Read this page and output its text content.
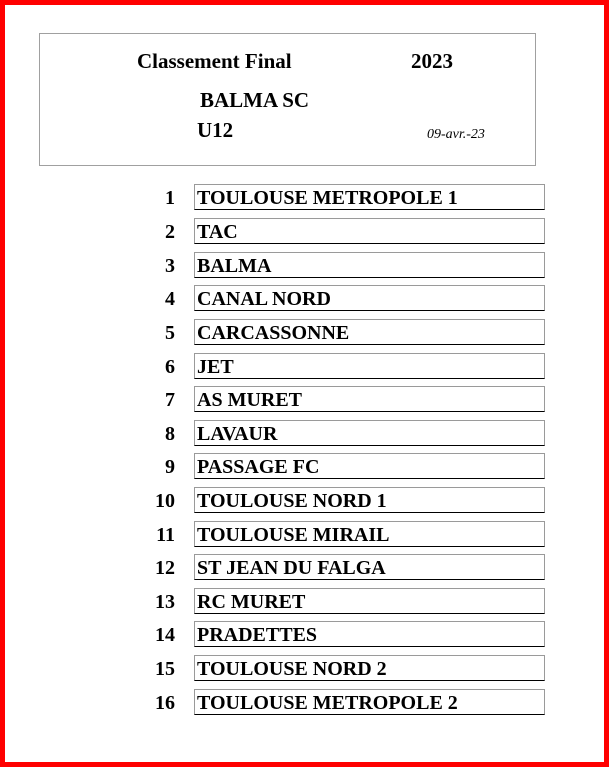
Classement Final	2023
BALMA SC
U12	09-avr.-23
1 TOULOUSE METROPOLE 1
2 TAC
3 BALMA
4 CANAL NORD
5 CARCASSONNE
6 JET
7 AS MURET
8 LAVAUR
9 PASSAGE FC
10 TOULOUSE NORD 1
11 TOULOUSE MIRAIL
12 ST JEAN DU FALGA
13 RC MURET
14 PRADETTES
15 TOULOUSE NORD 2
16 TOULOUSE METROPOLE 2
